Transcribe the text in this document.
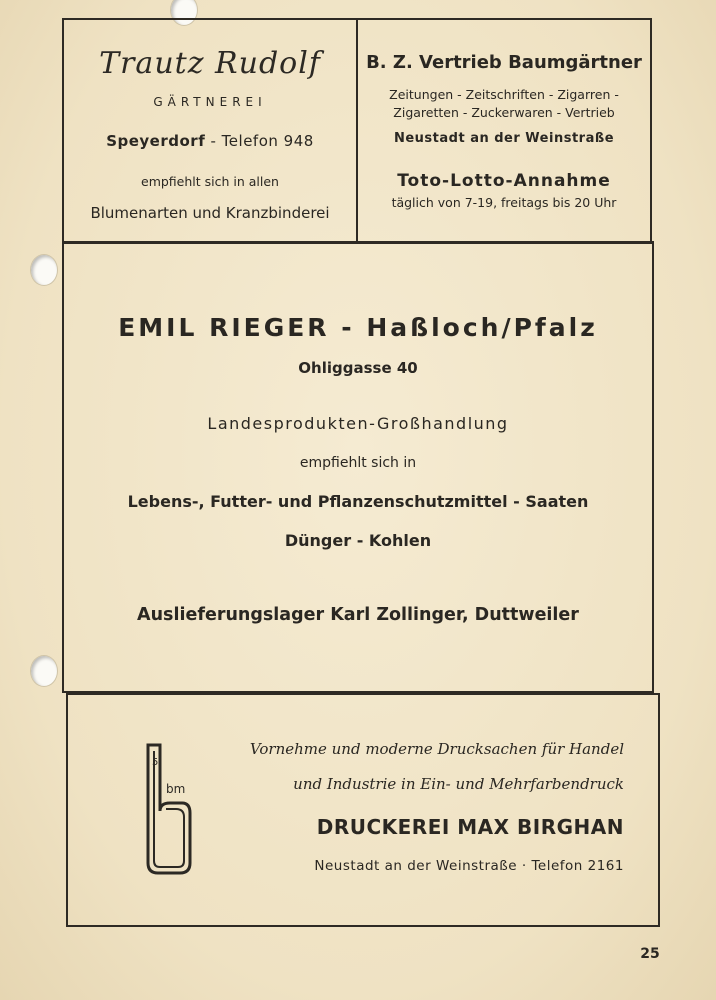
Trautz Rudolf
GÄRTNEREI
Speyerdorf - Telefon 948
empfiehlt sich in allen
Blumenarten und Kranzbinderei
B. Z. Vertrieb Baumgärtner
Zeitungen - Zeitschriften - Zigarren -
Zigaretten - Zuckerwaren - Vertrieb
Neustadt an der Weinstraße
Toto-Lotto-Annahme
täglich von 7-19, freitags bis 20 Uhr
EMIL RIEGER - Haßloch/Pfalz
Ohliggasse 40
Landesprodukten-Großhandlung
empfiehlt sich in
Lebens-, Futter- und Pflanzenschutzmittel - Saaten
Dünger - Kohlen
Auslieferungslager Karl Zollinger, Duttweiler
5
bm
Vornehme und moderne Drucksachen für Handel
und Industrie in Ein- und Mehrfarbendruck
DRUCKEREI MAX BIRGHAN
Neustadt an der Weinstraße · Telefon 2161
25
